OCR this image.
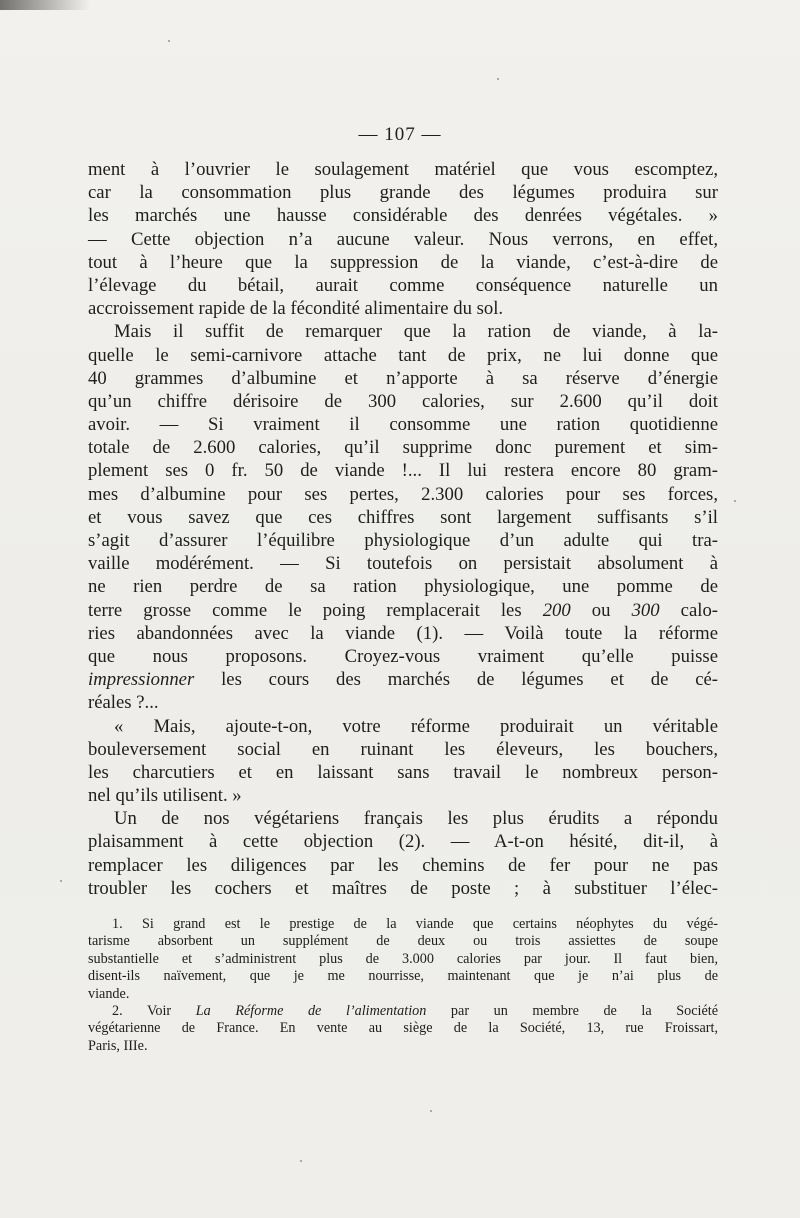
— 107 —
ment à l’ouvrier le soulagement matériel que vous escomptez,
car la consommation plus grande des légumes produira sur
les marchés une hausse considérable des denrées végétales. »
— Cette objection n’a aucune valeur. Nous verrons, en effet,
tout à l’heure que la suppression de la viande, c’est-à-dire de
l’élevage du bétail, aurait comme conséquence naturelle un
accroissement rapide de la fécondité alimentaire du sol.
Mais il suffit de remarquer que la ration de viande, à la-
quelle le semi-carnivore attache tant de prix, ne lui donne que
40 grammes d’albumine et n’apporte à sa réserve d’énergie
qu’un chiffre dérisoire de 300 calories, sur 2.600 qu’il doit
avoir. — Si vraiment il consomme une ration quotidienne
totale de 2.600 calories, qu’il supprime donc purement et sim-
plement ses 0 fr. 50 de viande !... Il lui restera encore 80 gram-
mes d’albumine pour ses pertes, 2.300 calories pour ses forces,
et vous savez que ces chiffres sont largement suffisants s’il
s’agit d’assurer l’équilibre physiologique d’un adulte qui tra-
vaille modérément. — Si toutefois on persistait absolument à
ne rien perdre de sa ration physiologique, une pomme de
terre grosse comme le poing remplacerait les 200 ou 300 calo-
ries abandonnées avec la viande (1). — Voilà toute la réforme
que nous proposons. Croyez-vous vraiment qu’elle puisse
impressionner les cours des marchés de légumes et de cé-
réales ?...
« Mais, ajoute-t-on, votre réforme produirait un véritable
bouleversement social en ruinant les éleveurs, les bouchers,
les charcutiers et en laissant sans travail le nombreux person-
nel qu’ils utilisent. »
Un de nos végétariens français les plus érudits a répondu
plaisamment à cette objection (2). — A-t-on hésité, dit-il, à
remplacer les diligences par les chemins de fer pour ne pas
troubler les cochers et maîtres de poste ; à substituer l’élec-
1. Si grand est le prestige de la viande que certains néophytes du végé-
tarisme absorbent un supplément de deux ou trois assiettes de soupe
substantielle et s’administrent plus de 3.000 calories par jour. Il faut bien,
disent-ils naïvement, que je me nourrisse, maintenant que je n’ai plus de
viande.
2. Voir La Réforme de l’alimentation par un membre de la Société
végétarienne de France. En vente au siège de la Société, 13, rue Froissart,
Paris, IIIe.
